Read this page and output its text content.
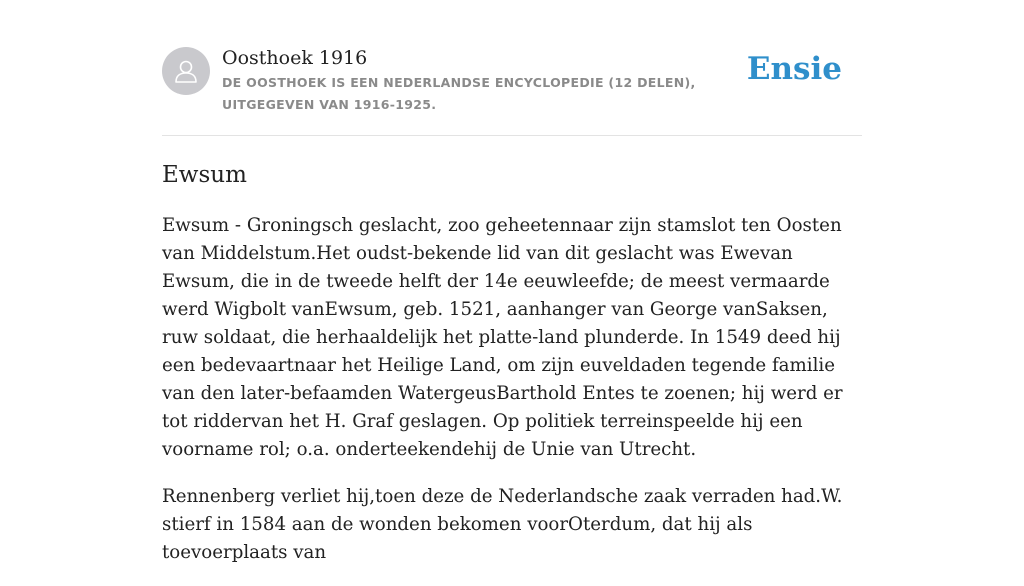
Oosthoek 1916
DE OOSTHOEK IS EEN NEDERLANDSE ENCYCLOPEDIE (12 DELEN), UITGEGEVEN VAN 1916-1925.
Ensie
Ewsum

Ewsum - Groningsch geslacht, zoo geheetennaar zijn stamslot ten Oosten van Middelstum.Het oudst-bekende lid van dit geslacht was Ewevan Ewsum, die in de tweede helft der 14e eeuwleefde; de meest vermaarde werd Wigbolt vanEwsum, geb. 1521, aanhanger van George vanSaksen, ruw soldaat, die herhaaldelijk het platte-land plunderde. In 1549 deed hij een bedevaartnaar het Heilige Land, om zijn euveldaden tegende familie van den later-befaamden WatergeusBarthold Entes te zoenen; hij werd er tot riddervan het H. Graf geslagen. Op politiek terreinspeelde hij een voorname rol; o.a. onderteekendehij de Unie van Utrecht.

Rennenberg verliet hij,toen deze de Nederlandsche zaak verraden had.W. stierf in 1584 aan de wonden bekomen voorOterdum, dat hij als toevoerplaats van
